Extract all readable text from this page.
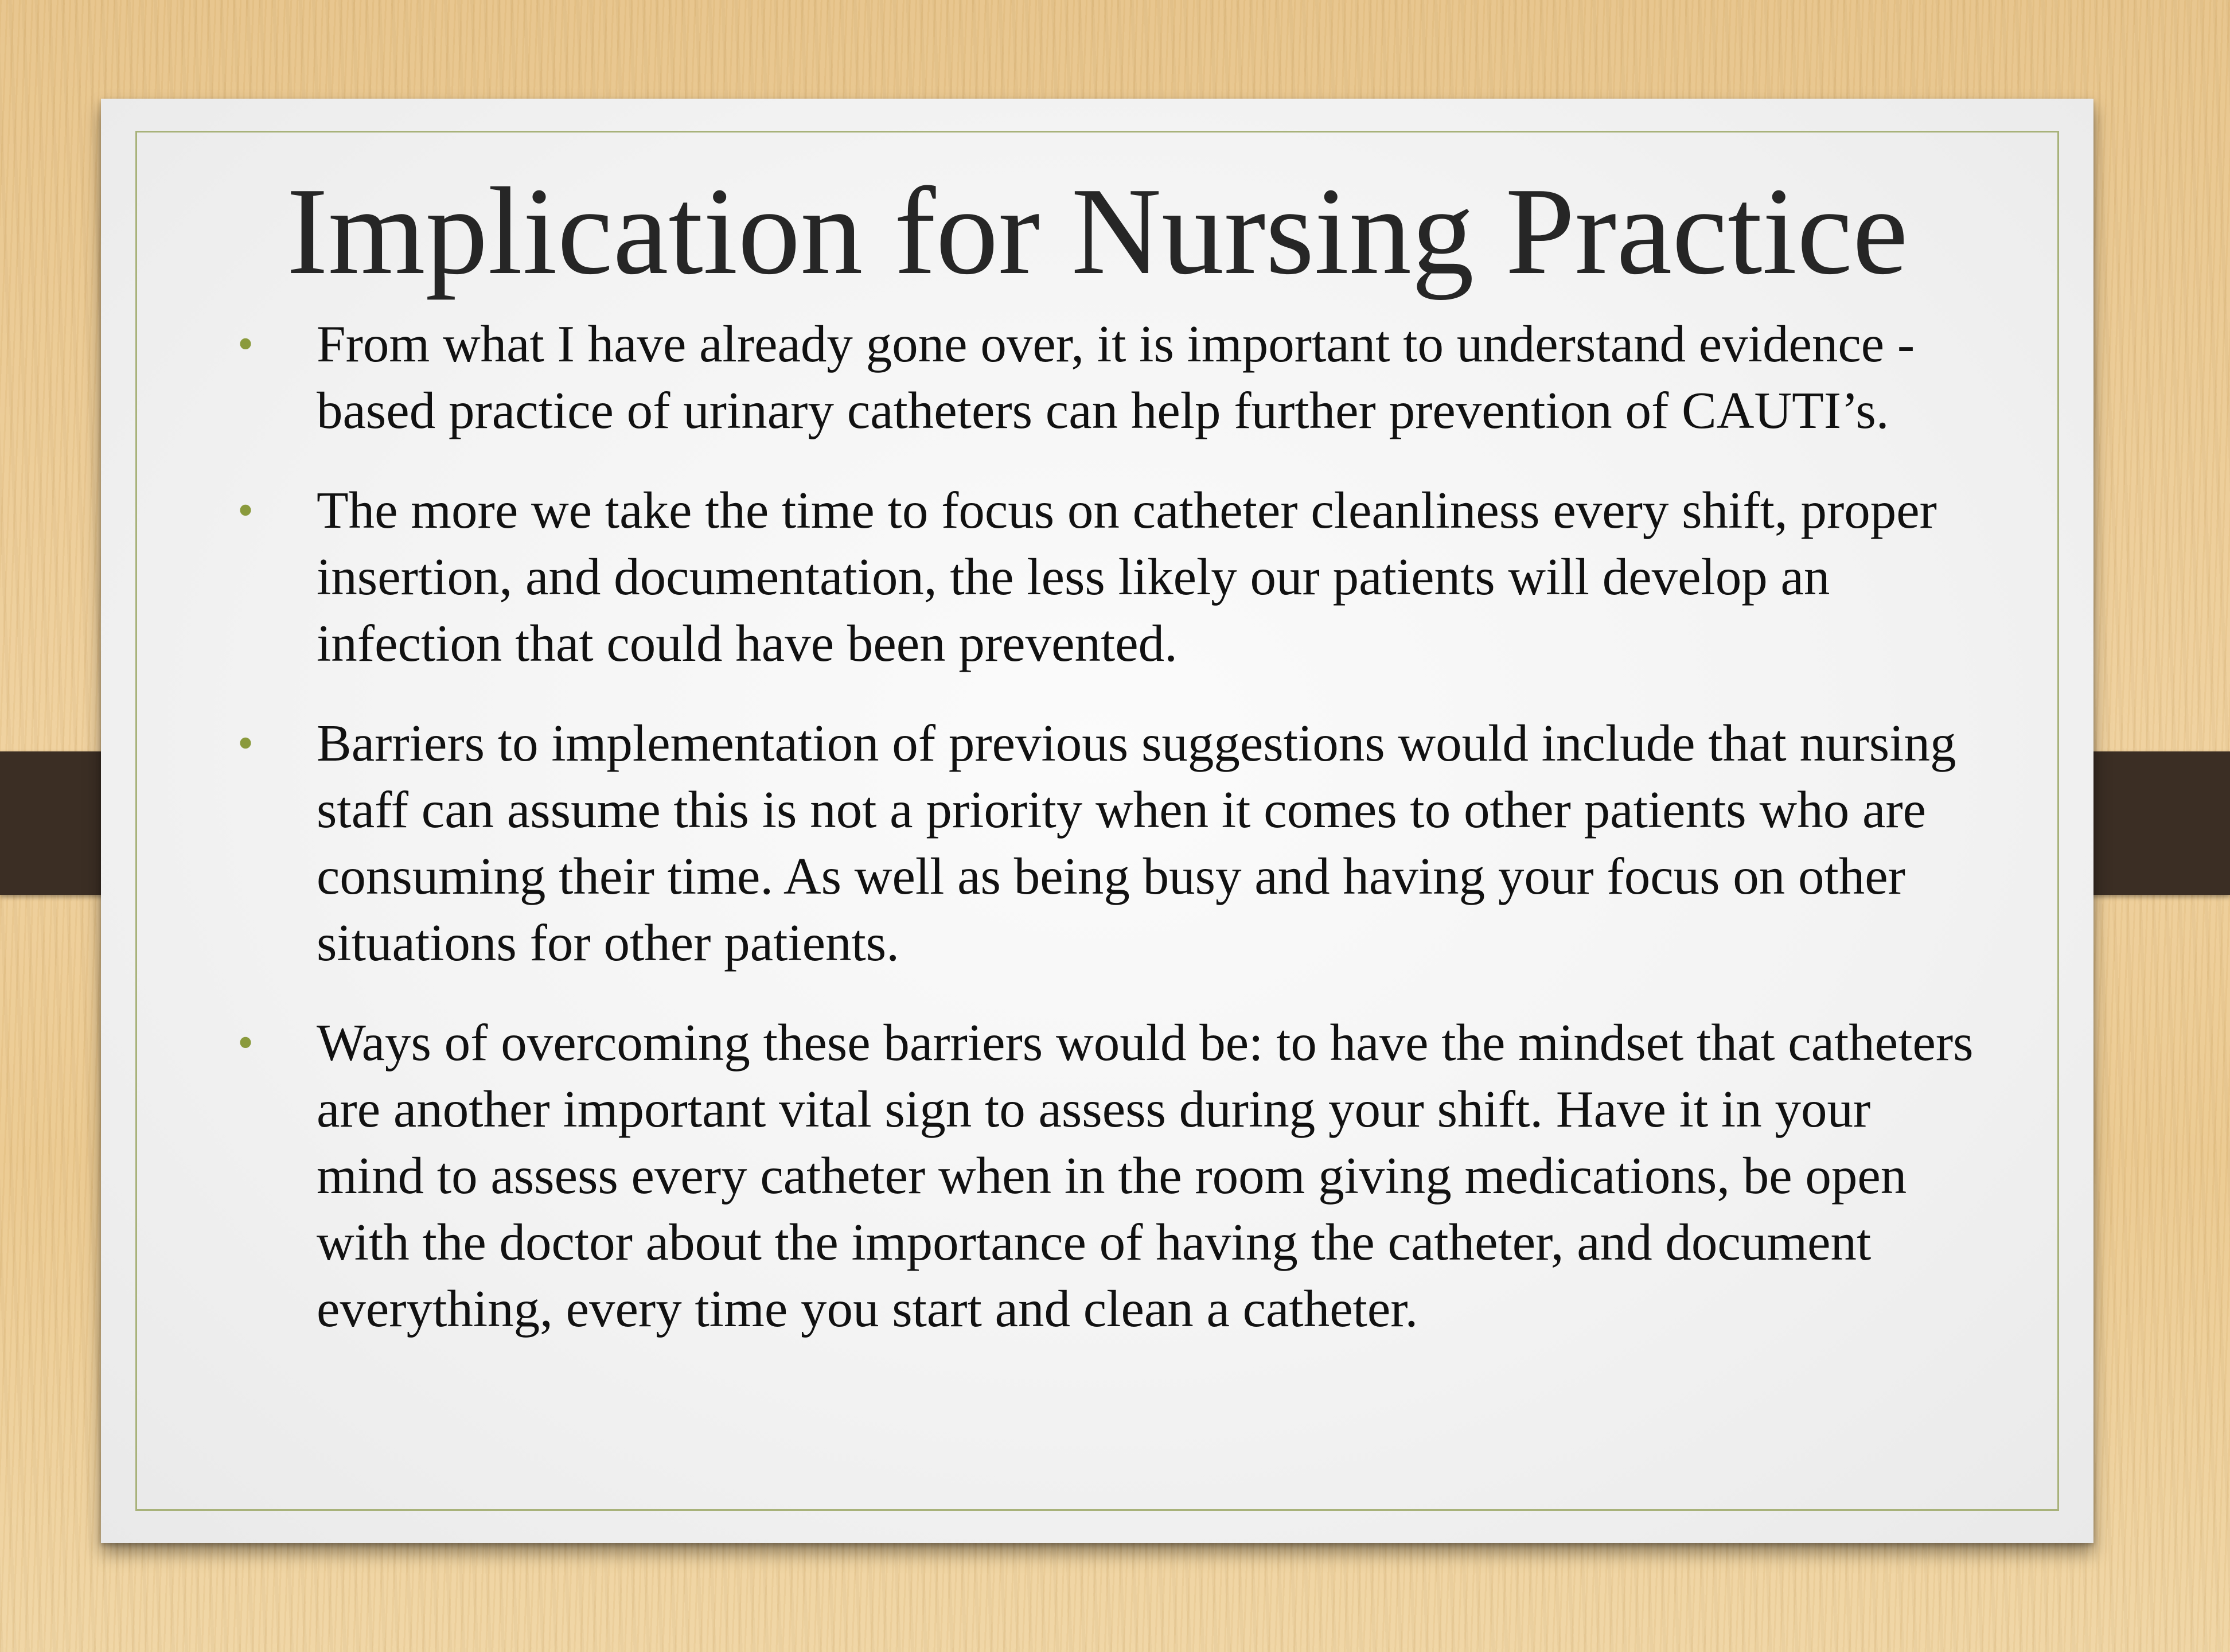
Implication for Nursing Practice
• From what I have already gone over, it is important to understand evidence -based practice of urinary catheters can help further prevention of CAUTI’s.
• The more we take the time to focus on catheter cleanliness every shift, proper insertion, and documentation, the less likely our patients will develop an infection that could have been prevented.
• Barriers to implementation of previous suggestions would include that nursing staff can assume this is not a priority when it comes to other patients who are consuming their time. As well as being busy and having your focus on other situations for other patients.
• Ways of overcoming these barriers would be: to have the mindset that catheters are another important vital sign to assess during your shift. Have it in your mind to assess every catheter when in the room giving medications, be open with the doctor about the importance of having the catheter, and document everything, every time you start and clean a catheter.
